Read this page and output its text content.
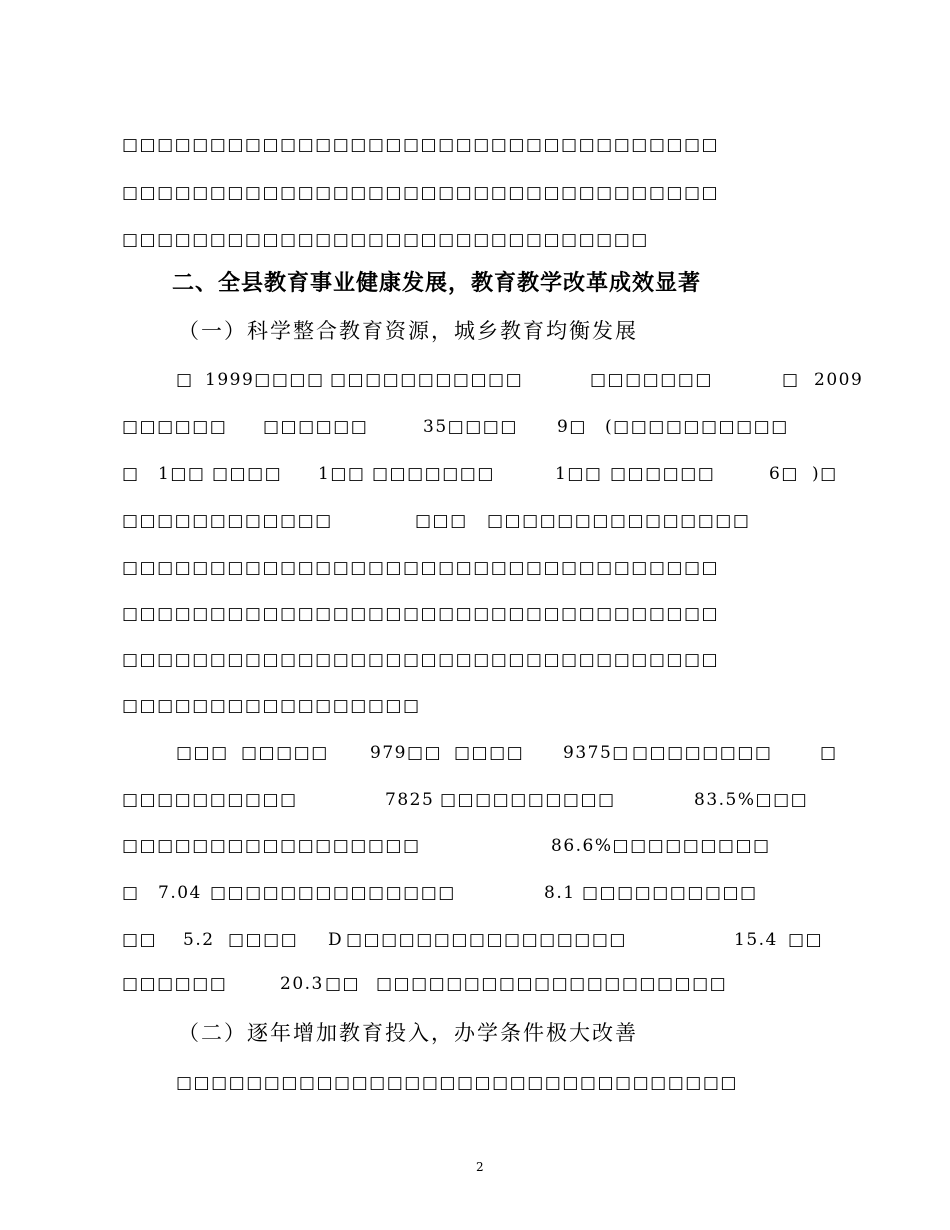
□□□□□□□□□□□□□□□□□□□□□□□□□□□□□□□□□□
□□□□□□□□□□□□□□□□□□□□□□□□□□□□□□□□□□
□□□□□□□□□□□□□□□□□□□□□□□□□□□□□□
二、全县教育事业健康发展，教育教学改革成效显著
（一）科学整合教育资源，城乡教育均衡发展
□ 1999□□□□ □□□□□□□□□□□	□□□□□□□	□ 2009
□□□□□□ □□□□□□	35□□□□ 9□ (□□□□□□□□□□
□ 1□□ □□□□ 1□□ □□□□□□□	1□□ □□□□□□	6□ )□
□□□□□□□□□□□□	□□□ □□□□□□□□□□□□□□□
□□□□□□□□□□□□□□□□□□□□□□□□□□□□□□□□□□
□□□□□□□□□□□□□□□□□□□□□□□□□□□□□□□□□□
□□□□□□□□□□□□□□□□□□□□□□□□□□□□□□□□□□
□□□□□□□□□□□□□□□□□
□□□ □□□□□ 979□□ □□□□ 9375□ □□□□□□□□	□
□□□□□□□□□□	7825 □□□□□□□□□□	83.5%□□□
□□□□□□□□□□□□□□□□□	86.6%□□□□□□□□□
□ 7.04 □□□□□□□□□□□□□□	8.1 □□□□□□□□□□
□□ 5.2 □□□□ D □□□□□□□□□□□□□□□□	15.4 □□
□□□□□□	20.3 □□ □□□□□□□□□□□□□□□□□□□□
（二）逐年增加教育投入，办学条件极大改善
□□□□□□□□□□□□□□□□□□□□□□□□□□□□□□□□
2
